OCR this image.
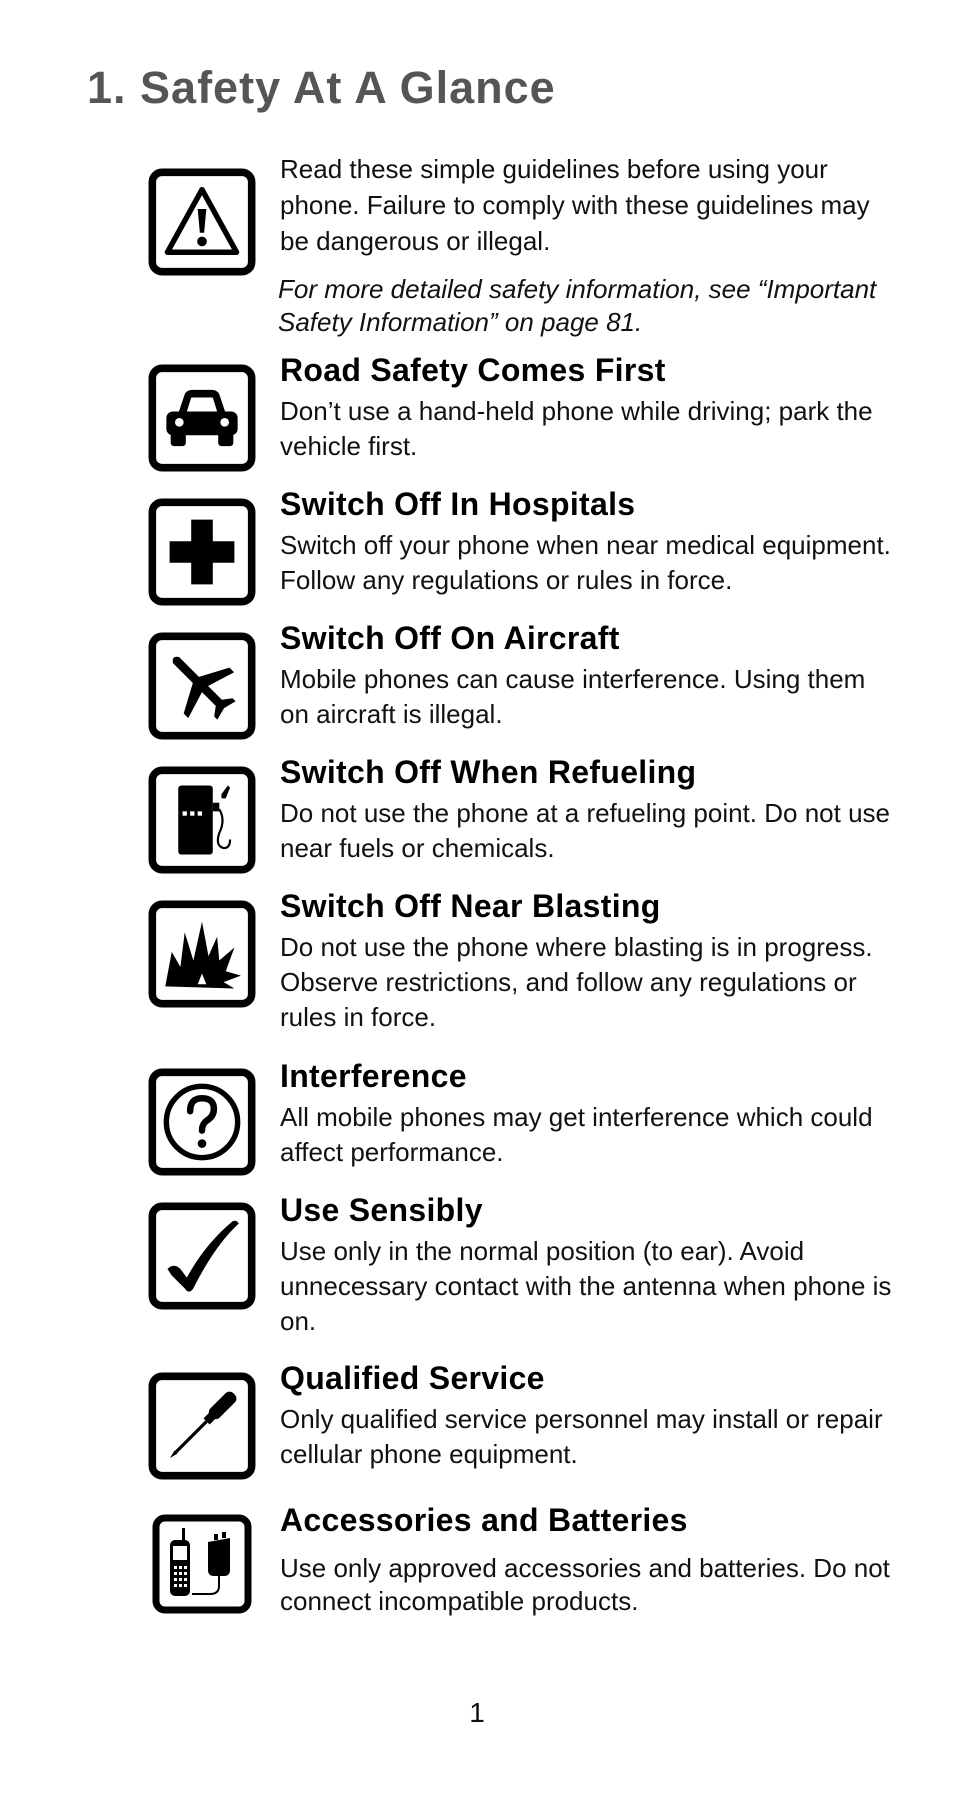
1. Safety At A Glance

Read these simple guidelines before using your phone. Failure to comply with these guidelines may be dangerous or illegal.

For more detailed safety information, see “Important Safety Information” on page 81.

Road Safety Comes First

Don’t use a hand-held phone while driving; park the vehicle first.

Switch Off In Hospitals

Switch off your phone when near medical equipment. Follow any regulations or rules in force.

Switch Off On Aircraft

Mobile phones can cause interference. Using them on aircraft is illegal.

Switch Off When Refueling

Do not use the phone at a refueling point. Do not use near fuels or chemicals.

Switch Off Near Blasting

Do not use the phone where blasting is in progress. Observe restrictions, and follow any regulations or rules in force.

Interference

All mobile phones may get interference which could affect performance.

Use Sensibly

Use only in the normal position (to ear). Avoid unnecessary contact with the antenna when phone is on.

Qualified Service

Only qualified service personnel may install or repair cellular phone equipment.

Accessories and Batteries

Use only approved accessories and batteries. Do not connect incompatible products.

1
